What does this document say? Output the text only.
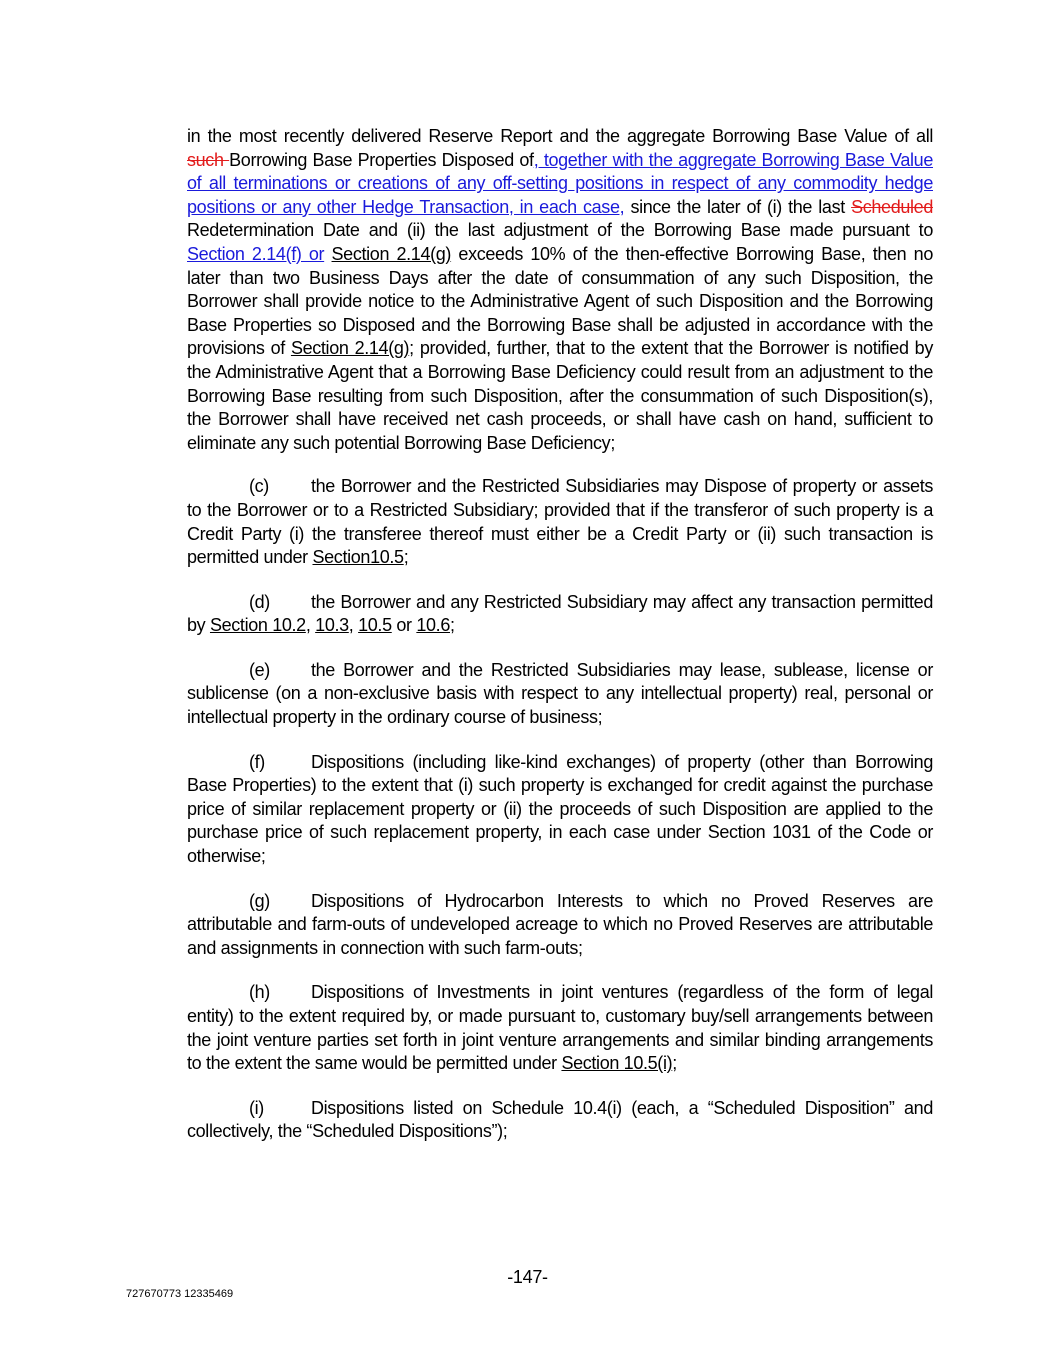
in the most recently delivered Reserve Report and the aggregate Borrowing Base Value of all such Borrowing Base Properties Disposed of, together with the aggregate Borrowing Base Value of all terminations or creations of any off-setting positions in respect of any commodity hedge positions or any other Hedge Transaction, in each case, since the later of (i) the last Scheduled Redetermination Date and (ii) the last adjustment of the Borrowing Base made pursuant to Section 2.14(f) or Section 2.14(g) exceeds 10% of the then-effective Borrowing Base, then no later than two Business Days after the date of consummation of any such Disposition, the Borrower shall provide notice to the Administrative Agent of such Disposition and the Borrowing Base Properties so Disposed and the Borrowing Base shall be adjusted in accordance with the provisions of Section 2.14(g); provided, further, that to the extent that the Borrower is notified by the Administrative Agent that a Borrowing Base Deficiency could result from an adjustment to the Borrowing Base resulting from such Disposition, after the consummation of such Disposition(s), the Borrower shall have received net cash proceeds, or shall have cash on hand, sufficient to eliminate any such potential Borrowing Base Deficiency;

(c) the Borrower and the Restricted Subsidiaries may Dispose of property or assets to the Borrower or to a Restricted Subsidiary; provided that if the transferor of such property is a Credit Party (i) the transferee thereof must either be a Credit Party or (ii) such transaction is permitted under Section10.5;

(d) the Borrower and any Restricted Subsidiary may affect any transaction permitted by Section 10.2, 10.3, 10.5 or 10.6;

(e) the Borrower and the Restricted Subsidiaries may lease, sublease, license or sublicense (on a non-exclusive basis with respect to any intellectual property) real, personal or intellectual property in the ordinary course of business;

(f)	Dispositions (including like-kind exchanges) of property (other than Borrowing Base Properties) to the extent that (i) such property is exchanged for credit against the purchase price of similar replacement property or (ii) the proceeds of such Disposition are applied to the purchase price of such replacement property, in each case under Section 1031 of the Code or otherwise;

(g) Dispositions of Hydrocarbon Interests to which no Proved Reserves are attributable and farm-outs of undeveloped acreage to which no Proved Reserves are attributable and assignments in connection with such farm-outs;

(h) Dispositions of Investments in joint ventures (regardless of the form of legal entity) to the extent required by, or made pursuant to, customary buy/sell arrangements between the joint venture parties set forth in joint venture arrangements and similar binding arrangements to the extent the same would be permitted under Section 10.5(i);

(i)	Dispositions listed on Schedule 10.4(i) (each, a “Scheduled Disposition” and collectively, the “Scheduled Dispositions”);

-147-
727670773 12335469
